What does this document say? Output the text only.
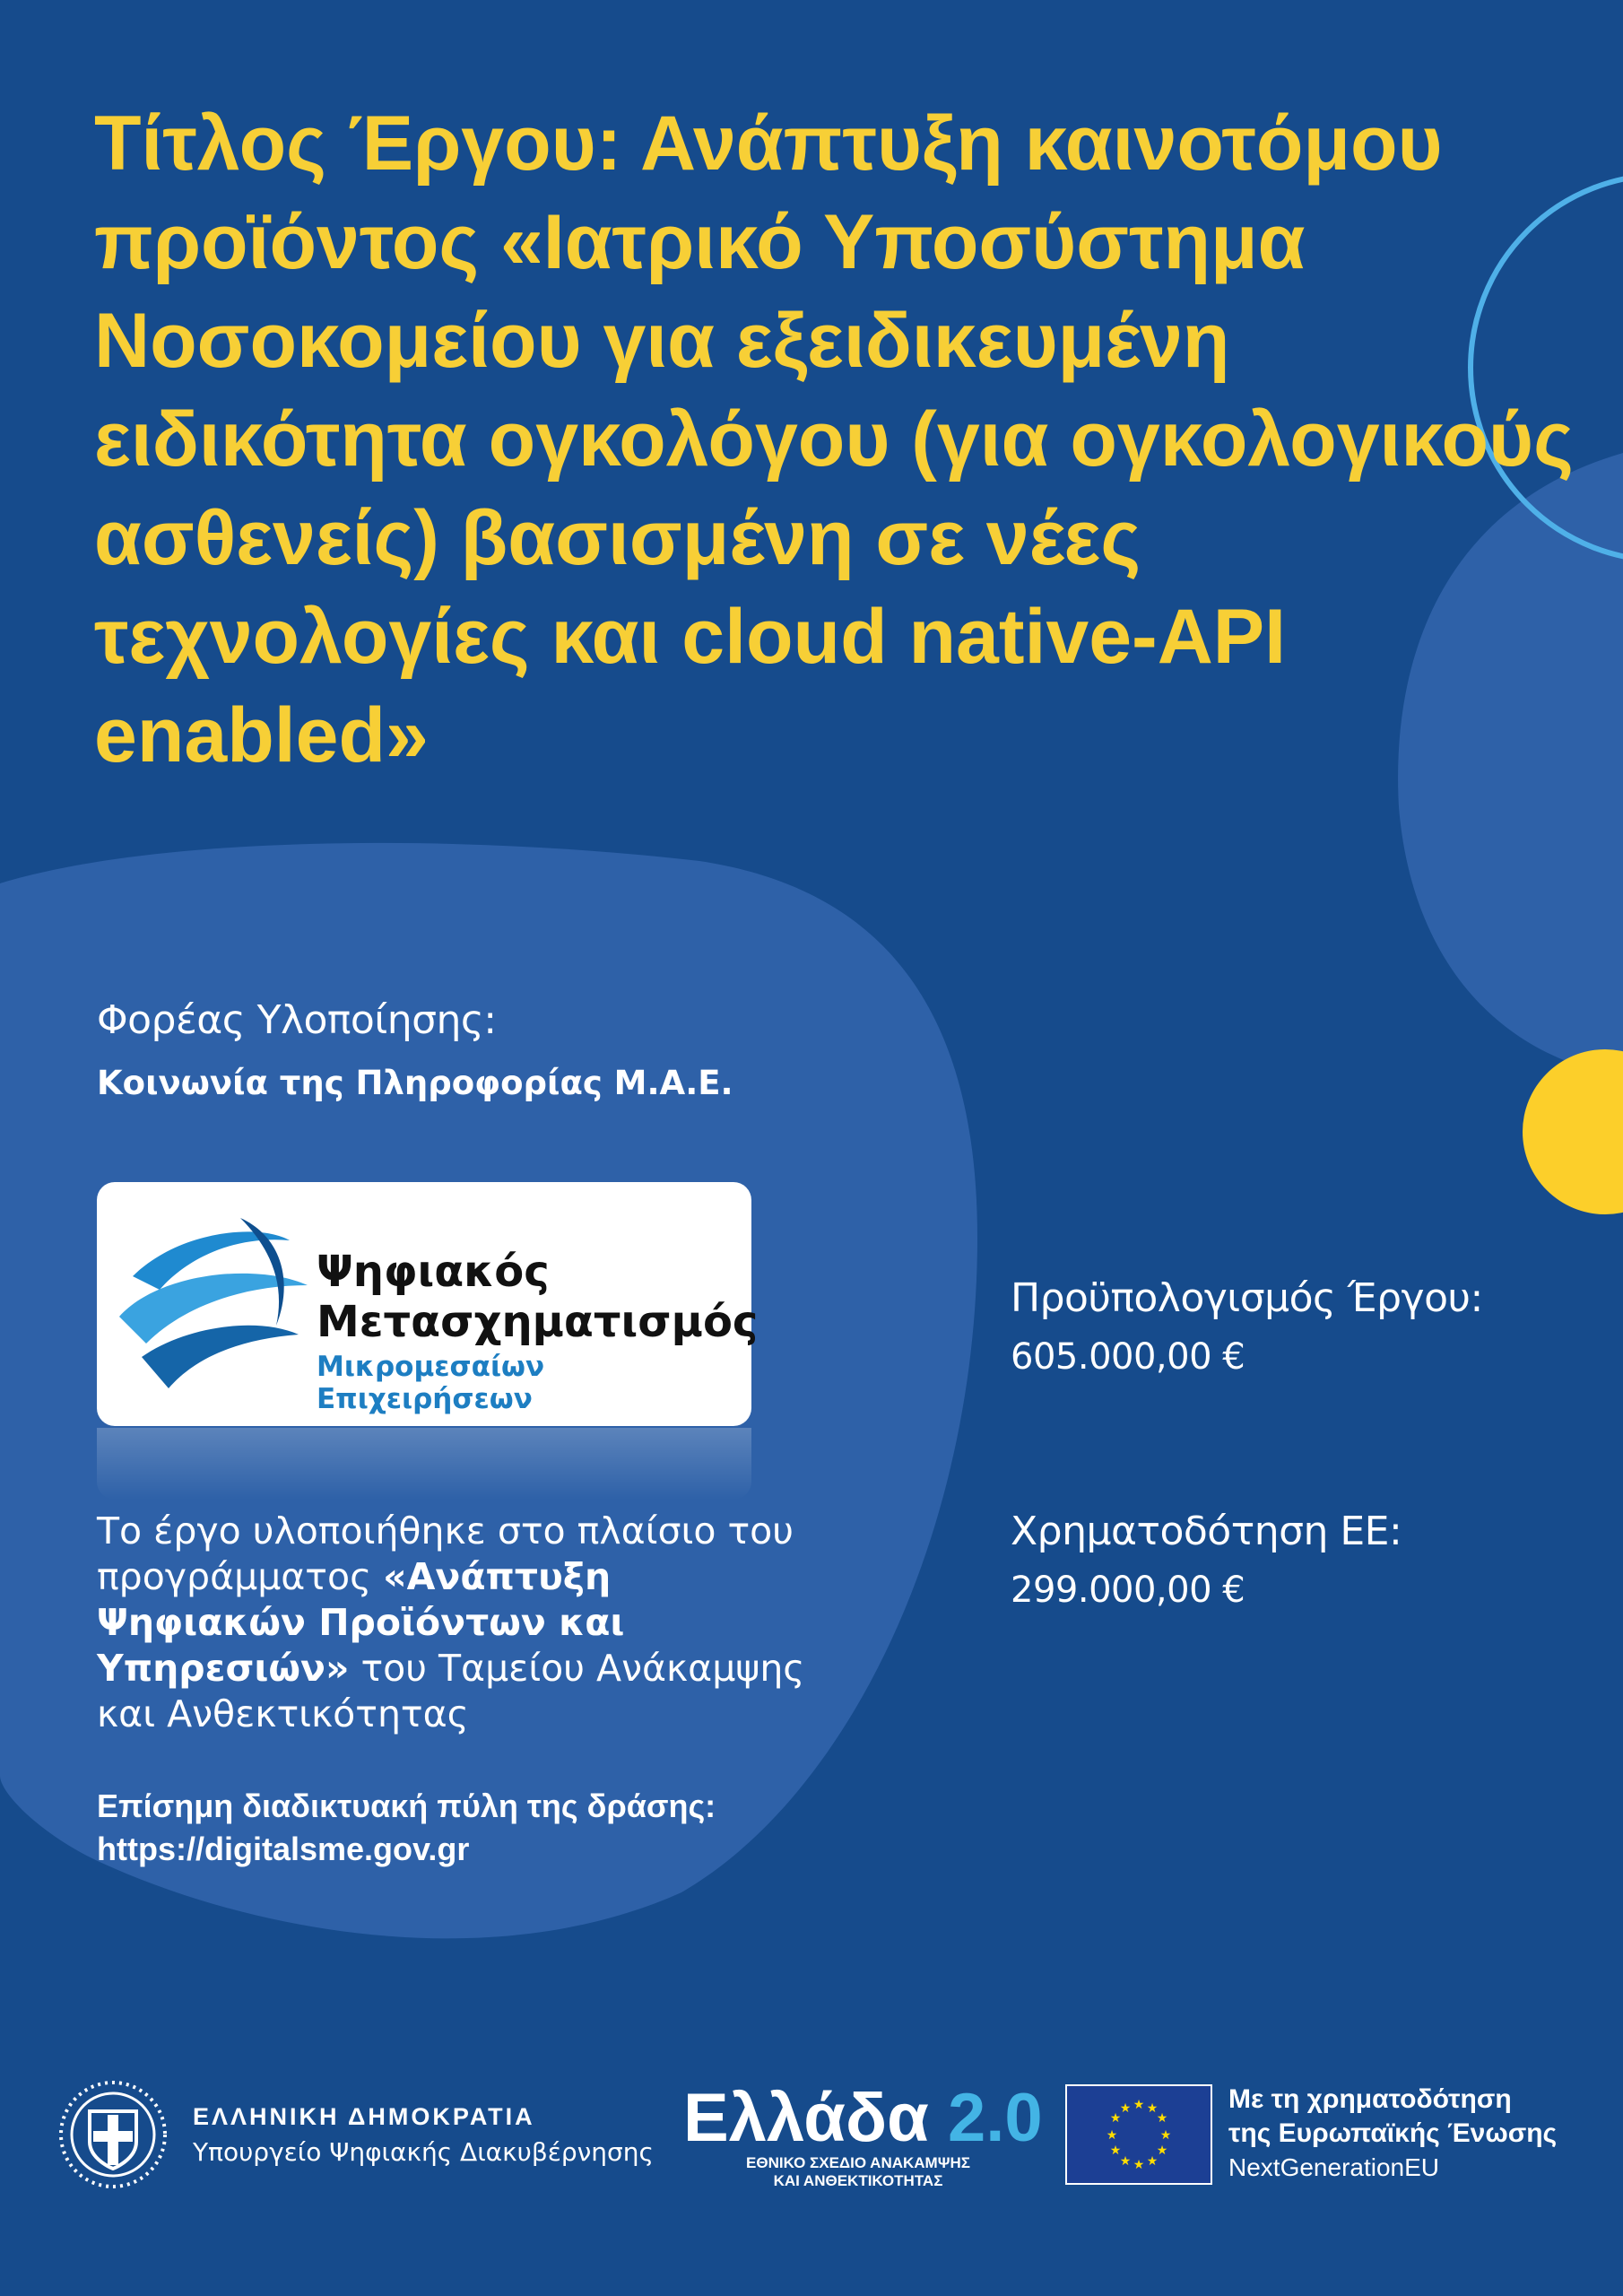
Τίτλος Έργου: Ανάπτυξη καινοτόμου προϊόντος «Ιατρικό Υποσύστημα Νοσοκομείου για εξειδικευμένη ειδικότητα ογκολόγου (για ογκολογικούς ασθενείς) βασισμένη σε νέες τεχνολογίες και cloud native-API enabled»
Φορέας Υλοποίησης:
Κοινωνία της Πληροφορίας Μ.Α.Ε.
Ψηφιακός
Μετασχηματισμός
Μικρομεσαίων Επιχειρήσεων
Το έργο υλοποιήθηκε στο πλαίσιο του προγράμματος «Ανάπτυξη Ψηφιακών Προϊόντων και Υπηρεσιών» του Ταμείου Ανάκαμψης και Ανθεκτικότητας
Επίσημη διαδικτυακή πύλη της δράσης:
https://digitalsme.gov.gr
Προϋπολογισμός Έργου:
605.000,00 €
Χρηματοδότηση ΕΕ:
299.000,00 €
ΕΛΛΗΝΙΚΗ ΔΗΜΟΚΡΑΤΙΑ
Υπουργείο Ψηφιακής Διακυβέρνησης Ελλάδα 2.0
ΕΘΝΙΚΟ ΣΧΕΔΙΟ ΑΝΑΚΑΜΨΗΣ
ΚΑΙ ΑΝΘΕΚΤΙΚΟΤΗΤΑΣ
★ ★
★
★
★
★
★
★
★
★
★
★	Με τη χρηματοδότηση
της Ευρωπαϊκής Ένωσης
NextGenerationEU
